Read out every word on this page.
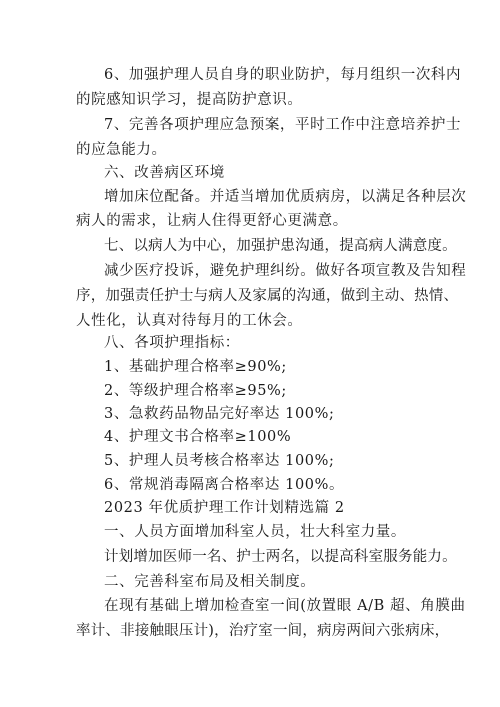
6、加强护理人员自身的职业防护，每月组织一次科内

的院感知识学习，提高防护意识。

7、完善各项护理应急预案，平时工作中注意培养护士

的应急能力。

六、改善病区环境

增加床位配备。并适当增加优质病房，以满足各种层次

病人的需求，让病人住得更舒心更满意。

七、以病人为中心，加强护患沟通，提高病人满意度。

减少医疗投诉，避免护理纠纷。做好各项宣教及告知程

序，加强责任护士与病人及家属的沟通，做到主动、热情、

人性化，认真对待每月的工休会。

八、各项护理指标：

1、基础护理合格率≥90%;

2、等级护理合格率≥95%;

3、急救药品物品完好率达 100%;

4、护理文书合格率≥100%

5、护理人员考核合格率达 100%;

6、常规消毒隔离合格率达 100%。

2023 年优质护理工作计划精选篇 2

一、人员方面增加科室人员，壮大科室力量。

计划增加医师一名、护士两名，以提高科室服务能力。

二、完善科室布局及相关制度。

在现有基础上增加检查室一间(放置眼 A/B 超、角膜曲

率计、非接触眼压计)，治疗室一间，病房两间六张病床，
